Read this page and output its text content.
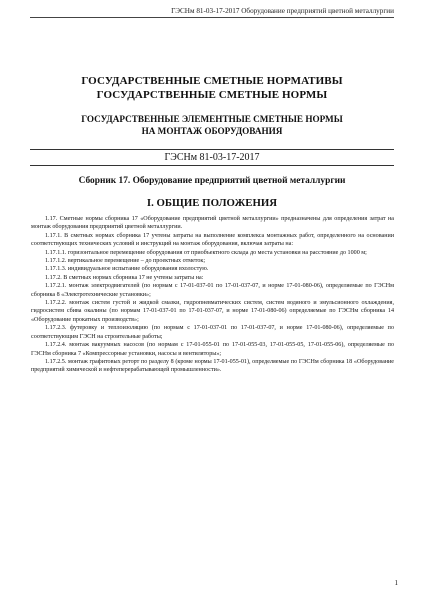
ГЭСНм 81-03-17-2017 Оборудование предприятий цветной металлургии
ГОСУДАРСТВЕННЫЕ СМЕТНЫЕ НОРМАТИВЫ
ГОСУДАРСТВЕННЫЕ СМЕТНЫЕ НОРМЫ
ГОСУДАРСТВЕННЫЕ ЭЛЕМЕНТНЫЕ СМЕТНЫЕ НОРМЫ
НА МОНТАЖ ОБОРУДОВАНИЯ
ГЭСНм 81-03-17-2017
Сборник 17. Оборудование предприятий цветной металлургии
I. ОБЩИЕ ПОЛОЖЕНИЯ

1.17. Сметные нормы сборника 17 «Оборудование предприятий цветной металлургии» предназначены для определения затрат на монтаж оборудования предприятий цветной металлургии.

1.17.1. В сметных нормах сборника 17 учтены затраты на выполнение комплекса монтажных работ, определенного на основании соответствующих технических условий и инструкций на монтаж оборудования, включая затраты на:

1.17.1.1. горизонтальное перемещение оборудования от приобъектного склада до места установки на расстояние до 1000 м;

1.17.1.2. вертикальное перемещение – до проектных отметок;

1.17.1.3. индивидуальное испытание оборудования вхолостую.

1.17.2. В сметных нормах сборника 17 не учтены затраты на:

1.17.2.1. монтаж электродвигателей (по нормам с 17-01-037-01 по 17-01-037-07, и норме 17-01-080-06), определяемые по ГЭСНм сборника 8 «Электротехнические установки»;

1.17.2.2. монтаж систем густой и жидкой смазки, гидропневматических систем, систем водяного и эмульсионного охлаждения, гидросистем сбива окалины (по нормам 17-01-037-01 по 17-01-037-07, и норме 17-01-080-06) определяемые по ГЭСНм сборника 14 «Оборудование прокатных производств»;

1.17.2.3. футеровку и теплоизоляцию (по нормам с 17-01-037-01 по 17-01-037-07, и норме 17-01-080-06), определяемые по соответствующим ГЭСН на строительные работы;

1.17.2.4. монтаж вакуумных насосов (по нормам с 17-01-055-01 по 17-01-055-03, 17-01-055-05, 17-01-055-06), определяемые по ГЭСНм сборника 7 «Компрессорные установки, насосы и вентиляторы»;

1.17.2.5. монтаж графитовых реторт по разделу 8 (кроме нормы 17-01-055-01), определяемые по ГЭСНм сборника 18 «Оборудование предприятий химической и нефтеперерабатывающей промышленности».

1
